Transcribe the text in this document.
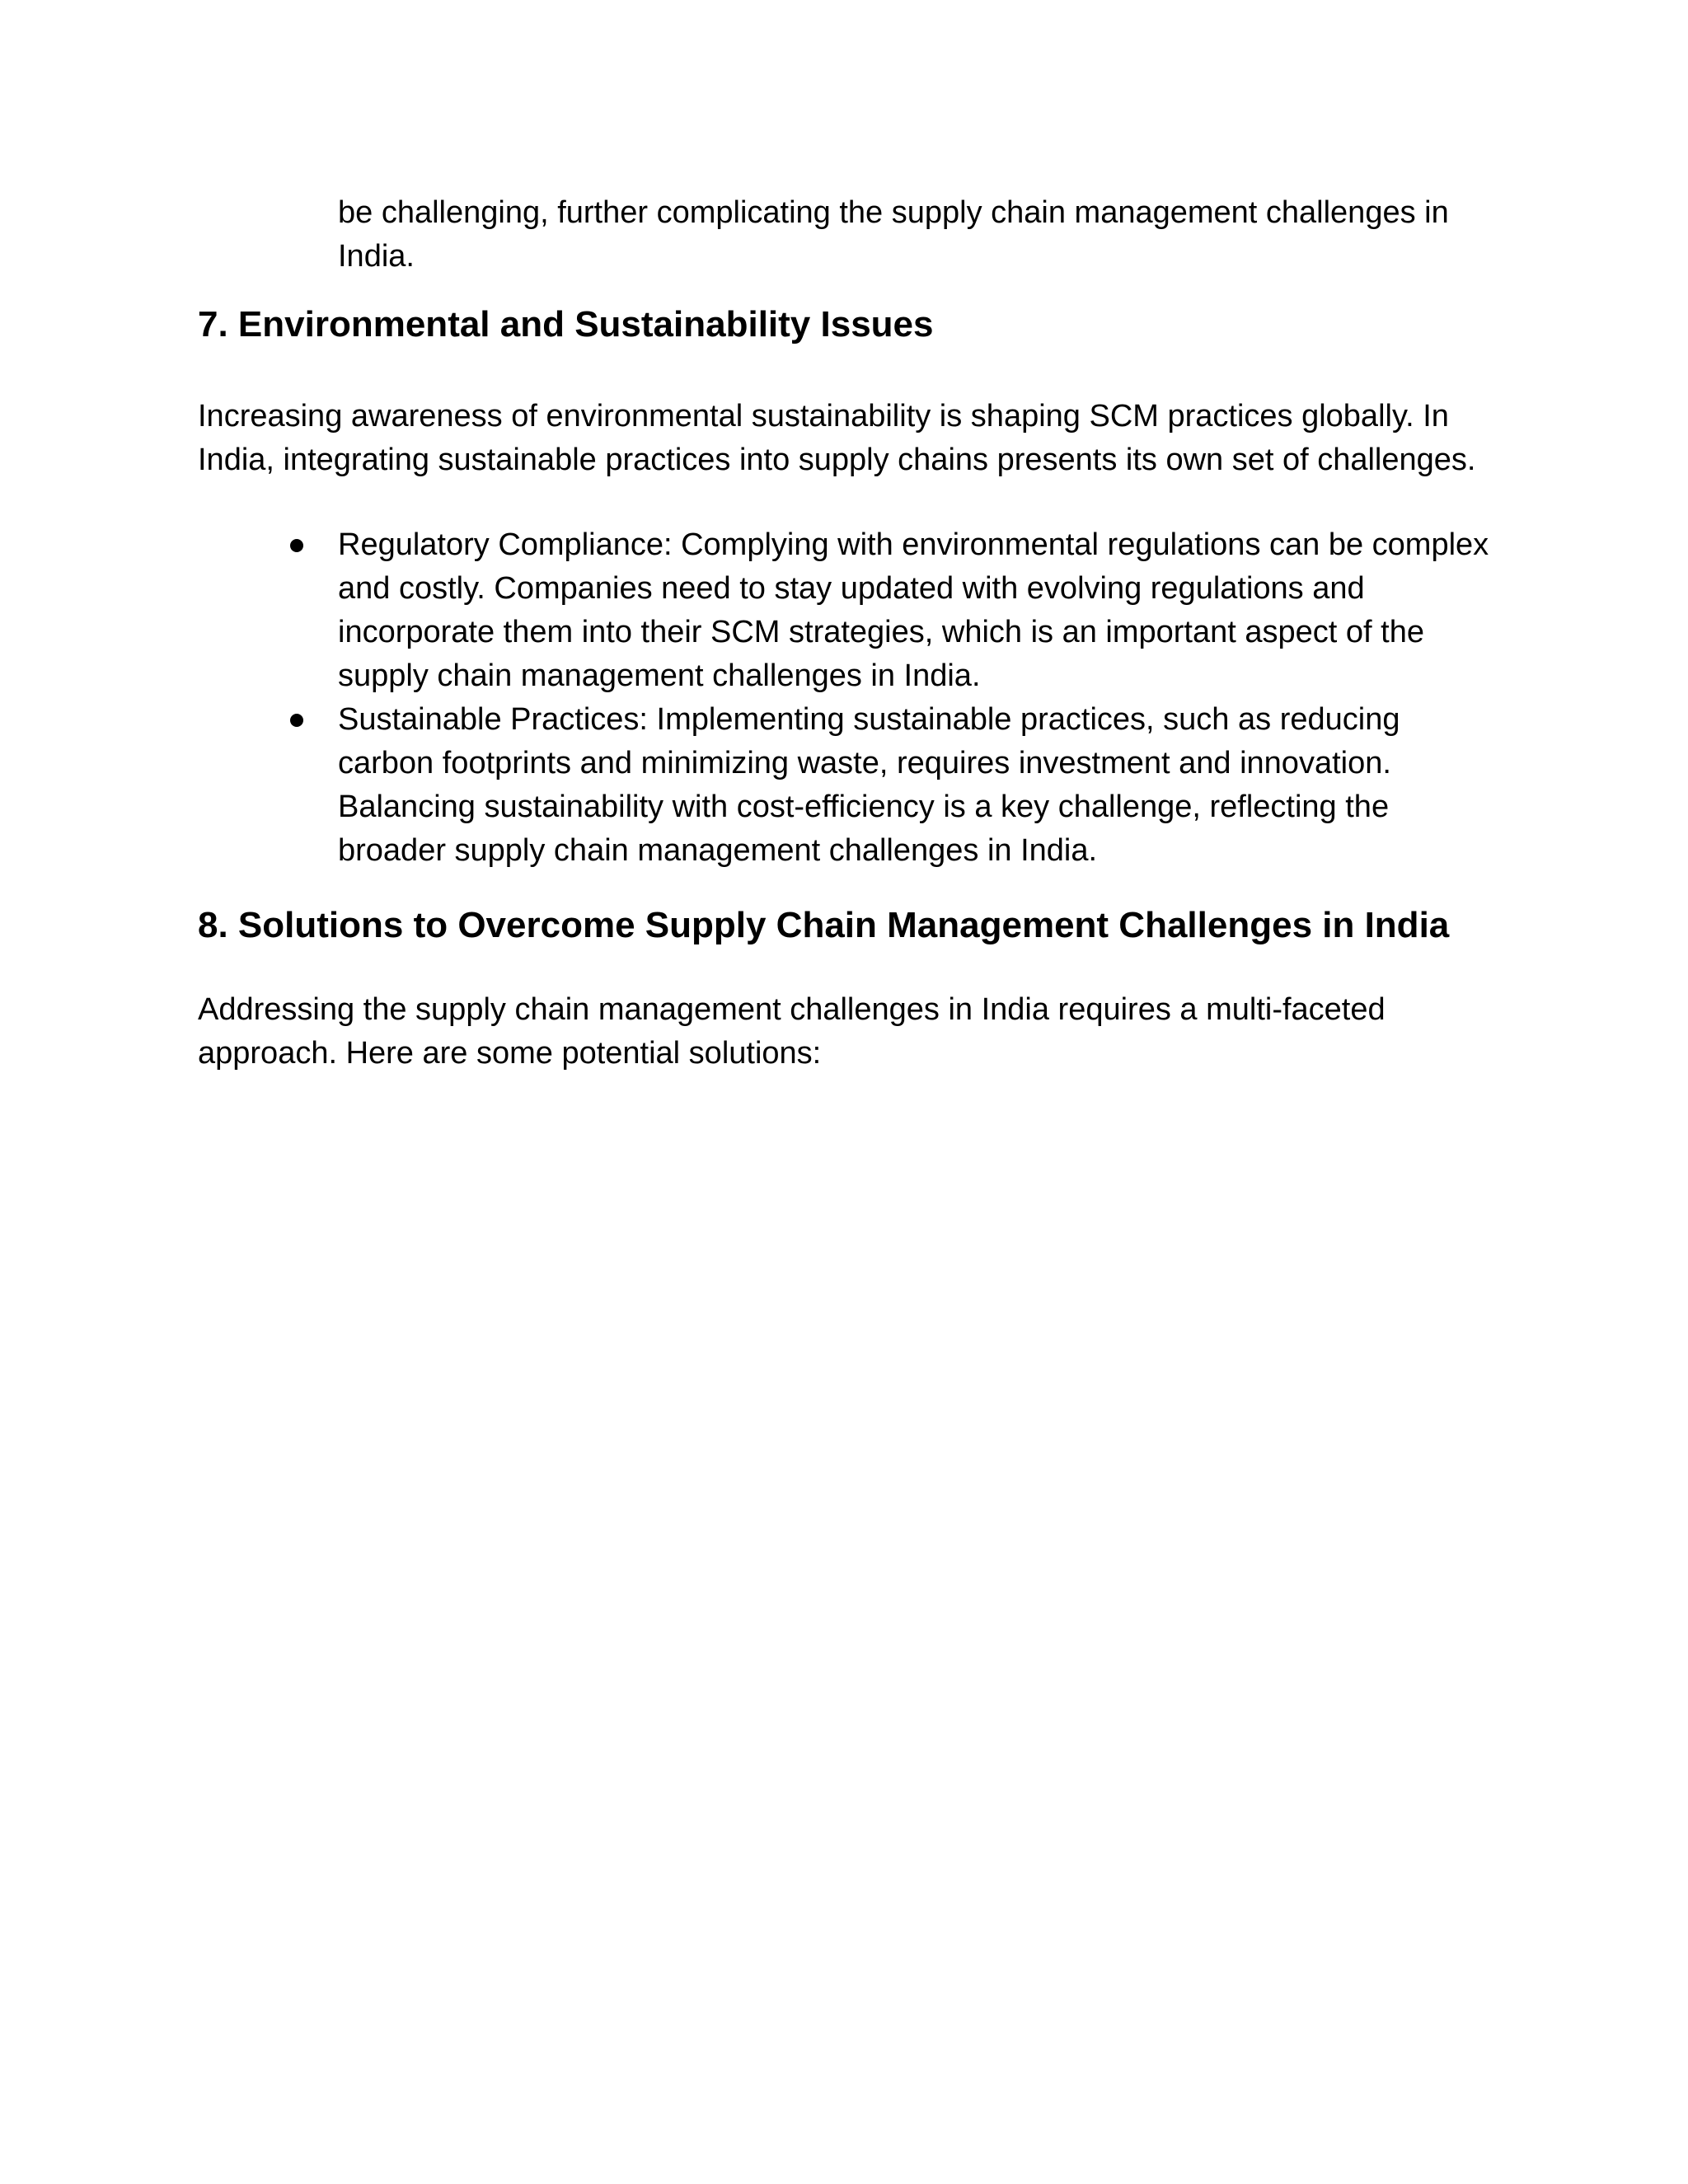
be challenging, further complicating the supply chain management challenges in India.

7. Environmental and Sustainability Issues

Increasing awareness of environmental sustainability is shaping SCM practices globally. In India, integrating sustainable practices into supply chains presents its own set of challenges.

Regulatory Compliance: Complying with environmental regulations can be complex and costly. Companies need to stay updated with evolving regulations and incorporate them into their SCM strategies, which is an important aspect of the supply chain management challenges in India.
Sustainable Practices: Implementing sustainable practices, such as reducing carbon footprints and minimizing waste, requires investment and innovation. Balancing sustainability with cost-efficiency is a key challenge, reflecting the broader supply chain management challenges in India.
8. Solutions to Overcome Supply Chain Management Challenges in India

Addressing the supply chain management challenges in India requires a multi-faceted approach. Here are some potential solutions:
